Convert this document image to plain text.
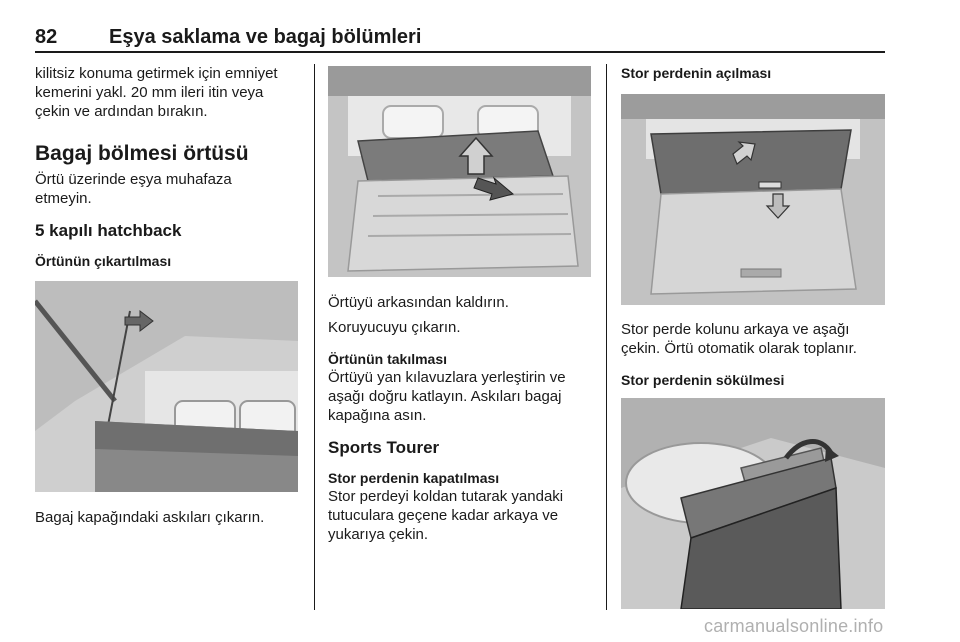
82	Eşya saklama ve bagaj bölümleri

kilitsiz konuma getirmek için emniyet

kemerini yakl. 20 mm ileri itin veya

çekin ve ardından bırakın.

Bagaj bölmesi örtüsü

Örtü üzerinde eşya muhafaza

etmeyin.

5 kapılı hatchback

Örtünün çıkartılması

Bagaj kapağındaki askıları çıkarın.

Örtüyü arkasından kaldırın.

Koruyucuyu çıkarın.

Örtünün takılması

Örtüyü yan kılavuzlara yerleştirin ve

aşağı doğru katlayın. Askıları bagaj

kapağına asın.

Sports Tourer

Stor perdenin kapatılması

Stor perdeyi koldan tutarak yandaki

tutuculara geçene kadar arkaya ve

yukarıya çekin.

Stor perdenin açılması

Stor perde kolunu arkaya ve aşağı

çekin. Örtü otomatik olarak toplanır.

Stor perdenin sökülmesi

carmanualsonline.info
